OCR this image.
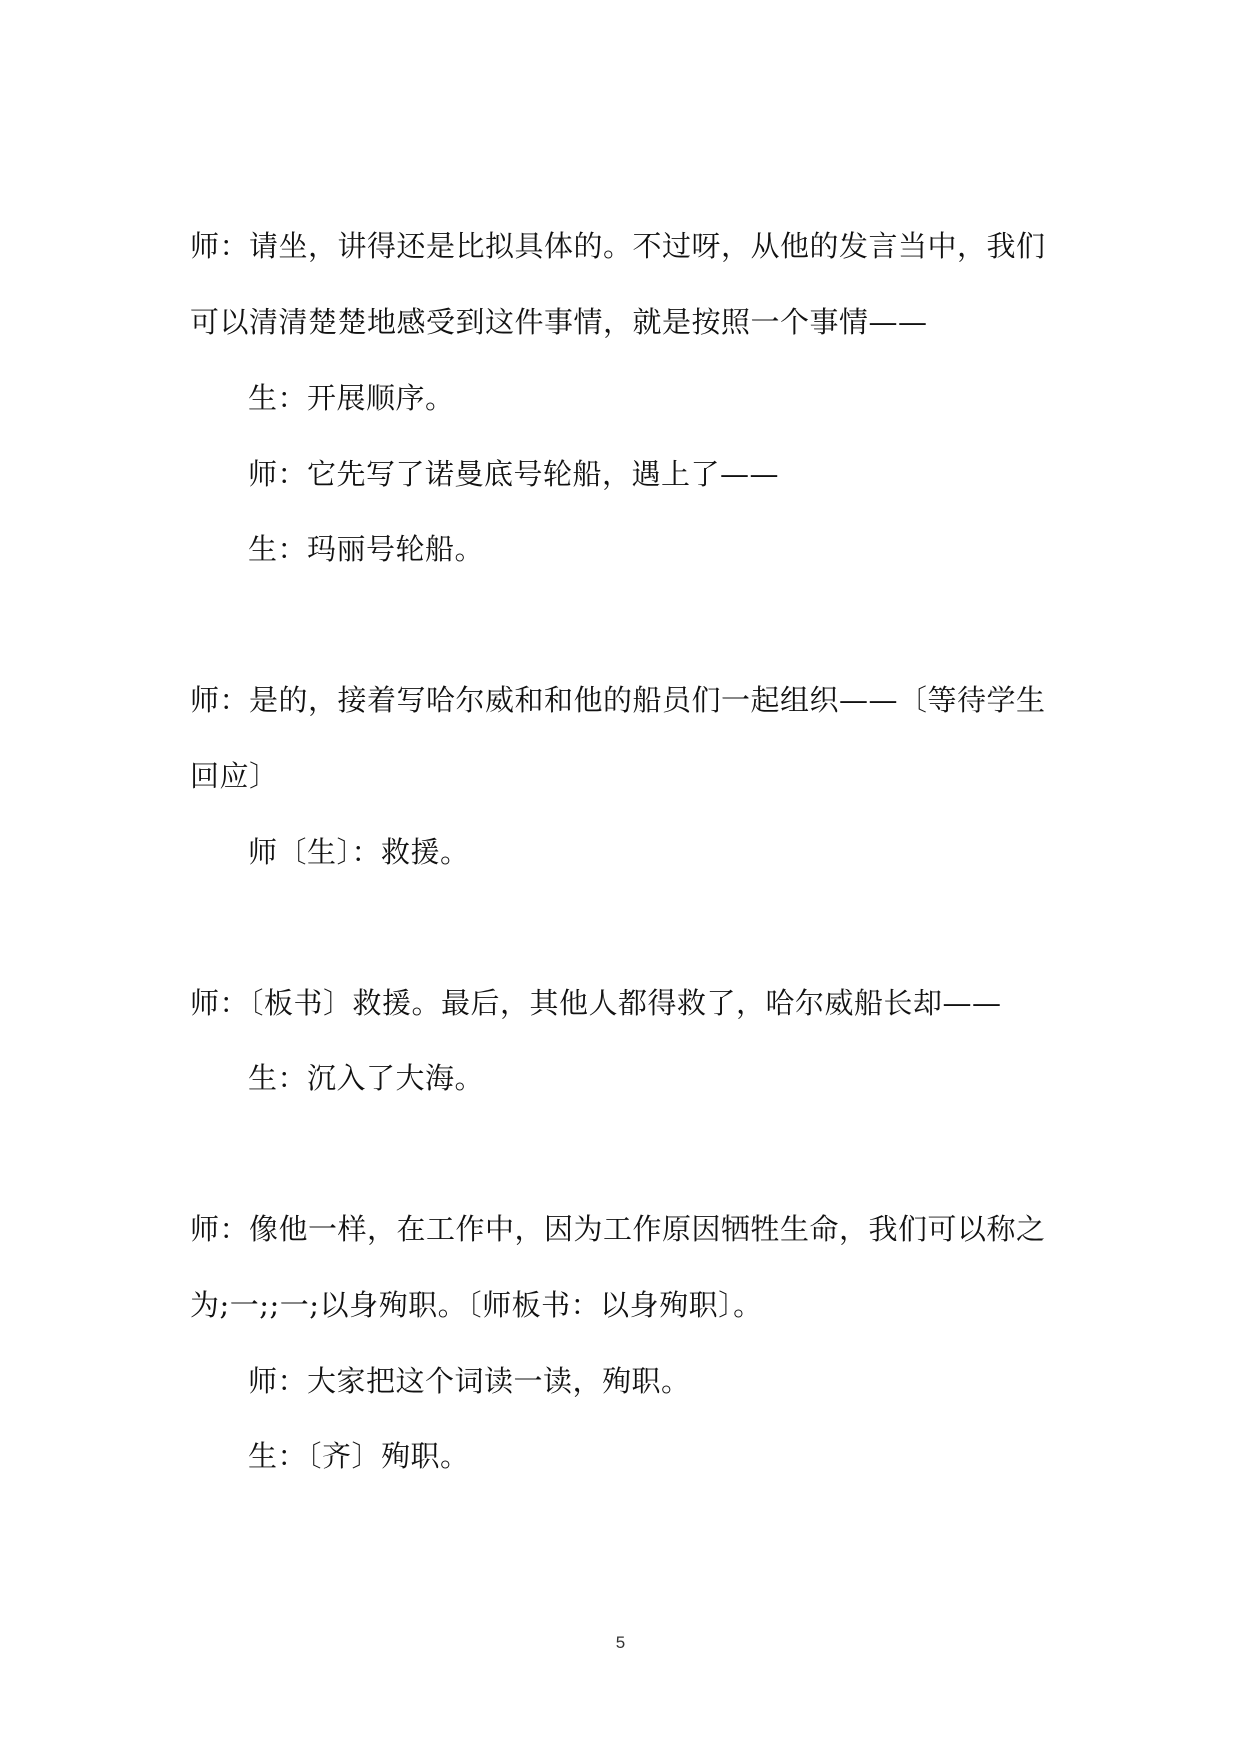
师：请坐，讲得还是比拟具体的。不过呀，从他的发言当中，我们
可以清清楚楚地感受到这件事情，就是按照一个事情——
生：开展顺序。
师：它先写了诺曼底号轮船，遇上了——
生：玛丽号轮船。
师：是的，接着写哈尔威和和他的船员们一起组织——〔等待学生
回应〕
师〔生〕：救援。
师：〔板书〕救援。最后，其他人都得救了，哈尔威船长却——
生：沉入了大海。
师：像他一样，在工作中，因为工作原因牺牲生命，我们可以称之
为;一;;一;以身殉职。〔师板书：以身殉职〕。
师：大家把这个词读一读，殉职。
生：〔齐〕殉职。
5
